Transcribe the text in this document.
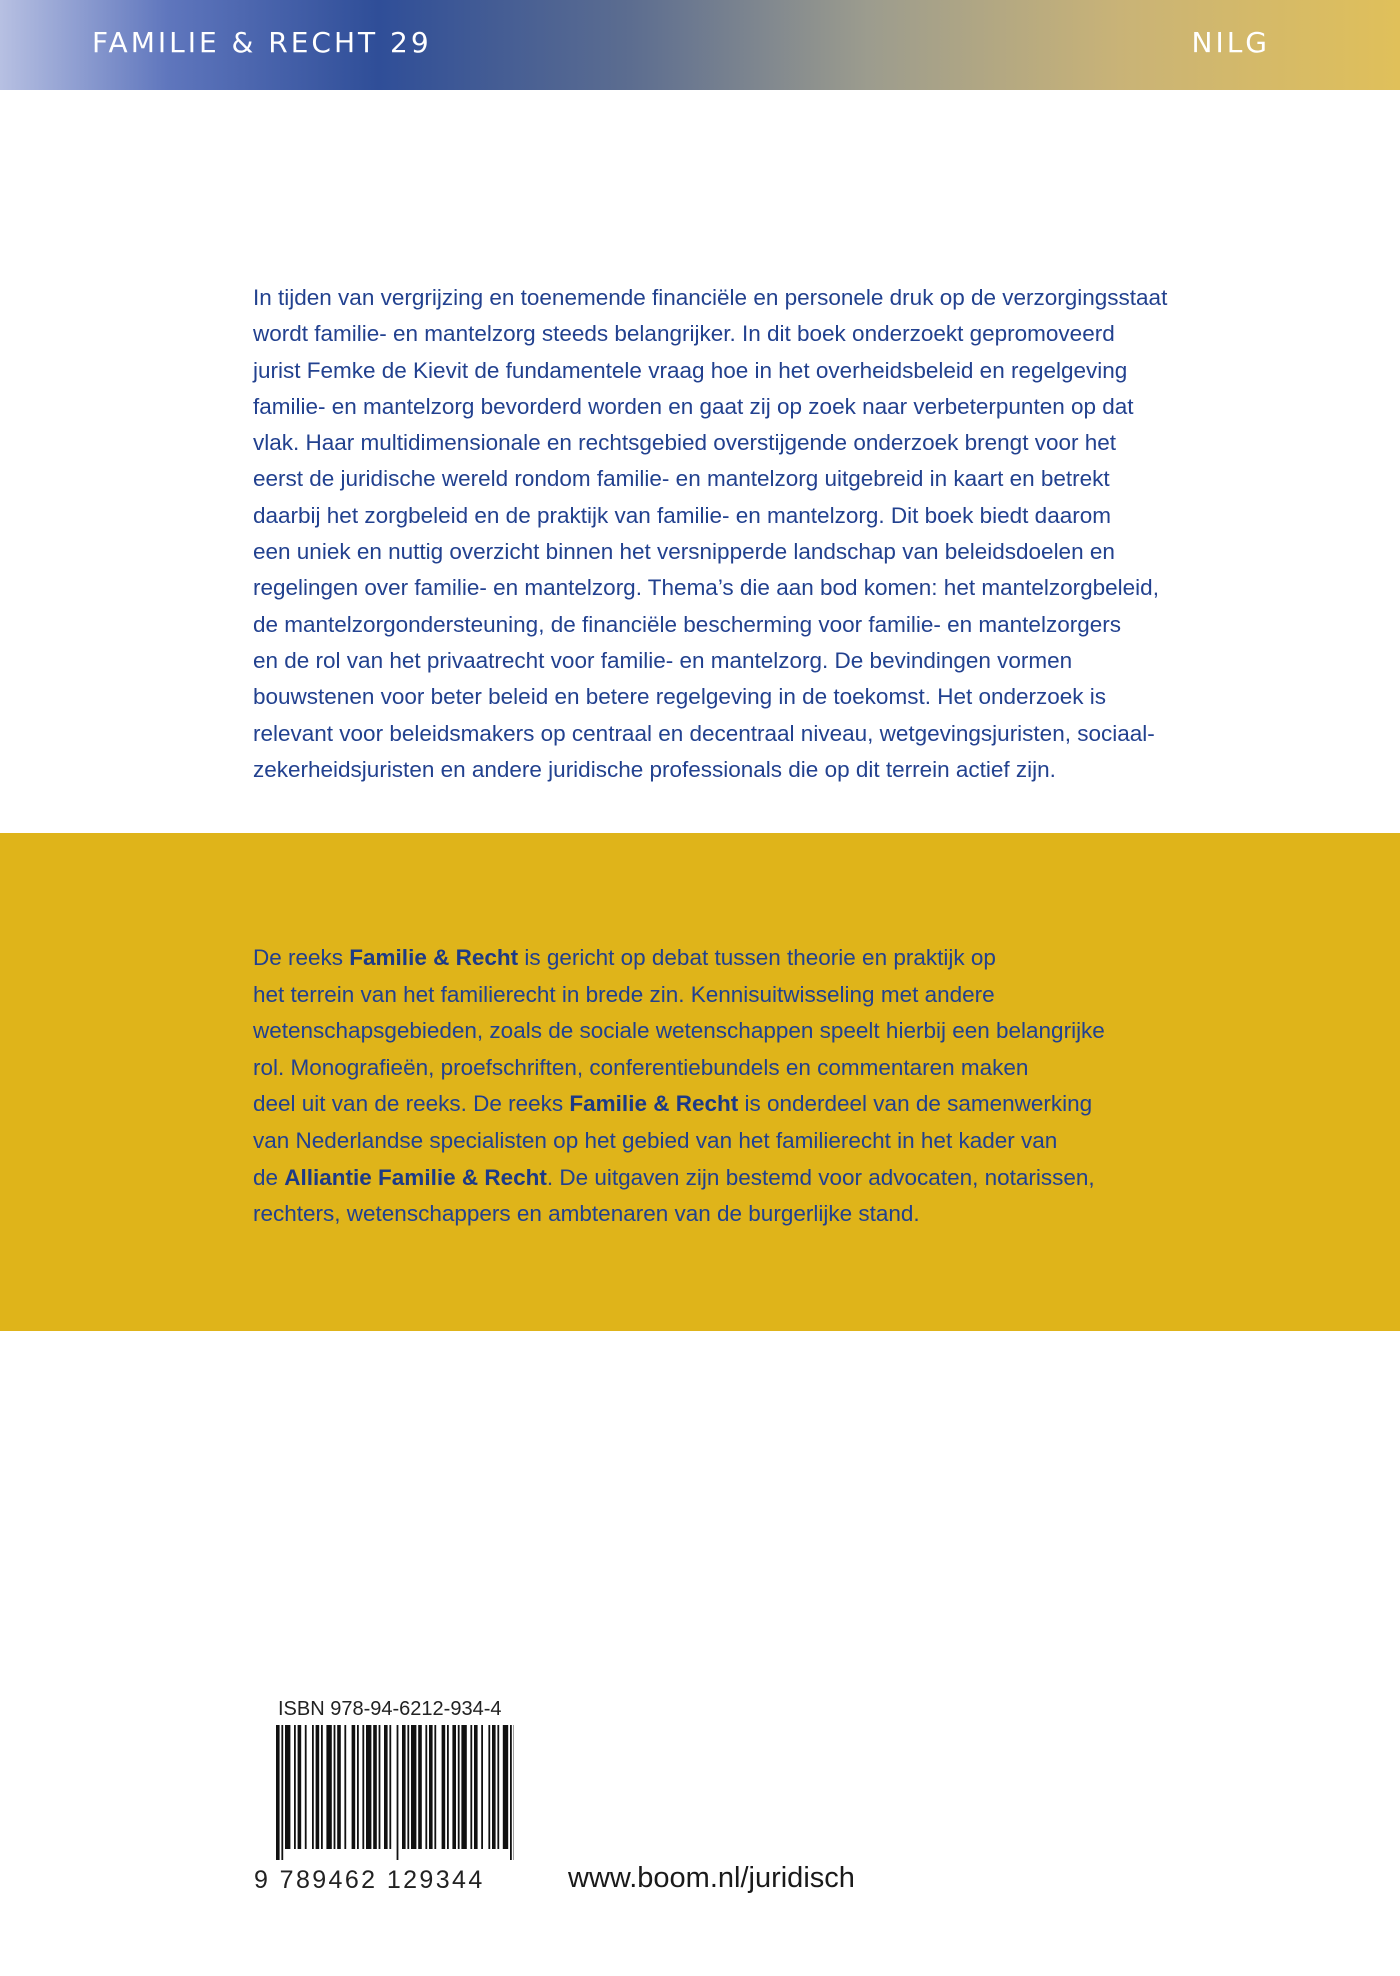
FAMILIE & RECHT 29	NILG
In tijden van vergrijzing en toenemende financiële en personele druk op de verzorgingsstaat
wordt familie- en mantelzorg steeds belangrijker. In dit boek onderzoekt gepromoveerd
jurist Femke de Kievit de fundamentele vraag hoe in het overheidsbeleid en regelgeving
familie- en mantelzorg bevorderd worden en gaat zij op zoek naar verbeterpunten op dat
vlak. Haar multidimensionale en rechtsgebied overstijgende onderzoek brengt voor het
eerst de juridische wereld rondom familie- en mantelzorg uitgebreid in kaart en betrekt
daarbij het zorgbeleid en de praktijk van familie- en mantelzorg. Dit boek biedt daarom
een uniek en nuttig overzicht binnen het versnipperde landschap van beleidsdoelen en
regelingen over familie- en mantelzorg. Thema’s die aan bod komen: het mantelzorgbeleid,
de mantelzorgondersteuning, de financiële bescherming voor familie- en mantelzorgers
en de rol van het privaatrecht voor familie- en mantelzorg. De bevindingen vormen
bouwstenen voor beter beleid en betere regelgeving in de toekomst. Het onderzoek is
relevant voor beleidsmakers op centraal en decentraal niveau, wetgevingsjuristen, sociaal-
zekerheidsjuristen en andere juridische professionals die op dit terrein actief zijn.
De reeks Familie & Recht is gericht op debat tussen theorie en praktijk op
het terrein van het familierecht in brede zin. Kennisuitwisseling met andere
wetenschapsgebieden, zoals de sociale wetenschappen speelt hierbij een belangrijke
rol. Monografieën, proefschriften, conferentiebundels en commentaren maken
deel uit van de reeks. De reeks Familie & Recht is onderdeel van de samenwerking
van Nederlandse specialisten op het gebied van het familierecht in het kader van
de Alliantie Familie & Recht. De uitgaven zijn bestemd voor advocaten, notarissen,
rechters, wetenschappers en ambtenaren van de burgerlijke stand.
ISBN 978-94-6212-934-4
9 789462 129344	www.boom.nl/juridisch
